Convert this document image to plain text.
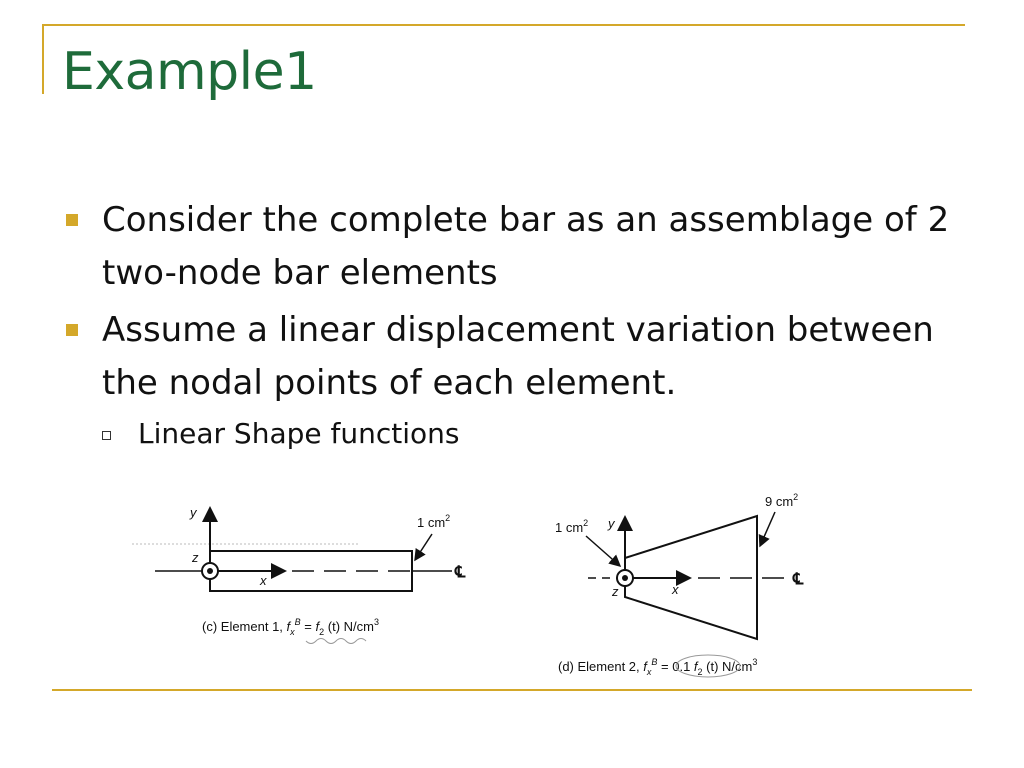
Example1
Consider the complete bar as an assemblage of 2 two-node bar elements
Assume a linear displacement variation between the nodal points of each element.
Linear Shape functions
y
z
x
1 $cm^2$
℄
(c) Element 1, $f_x^B = f_2$ (t) $N/cm^3$
y
z	x
1 $cm^2$
9 $cm^2$
℄
(d) Element 2, $f_x^B = 0.1$ $f_2$ (t) $N/cm^3$
